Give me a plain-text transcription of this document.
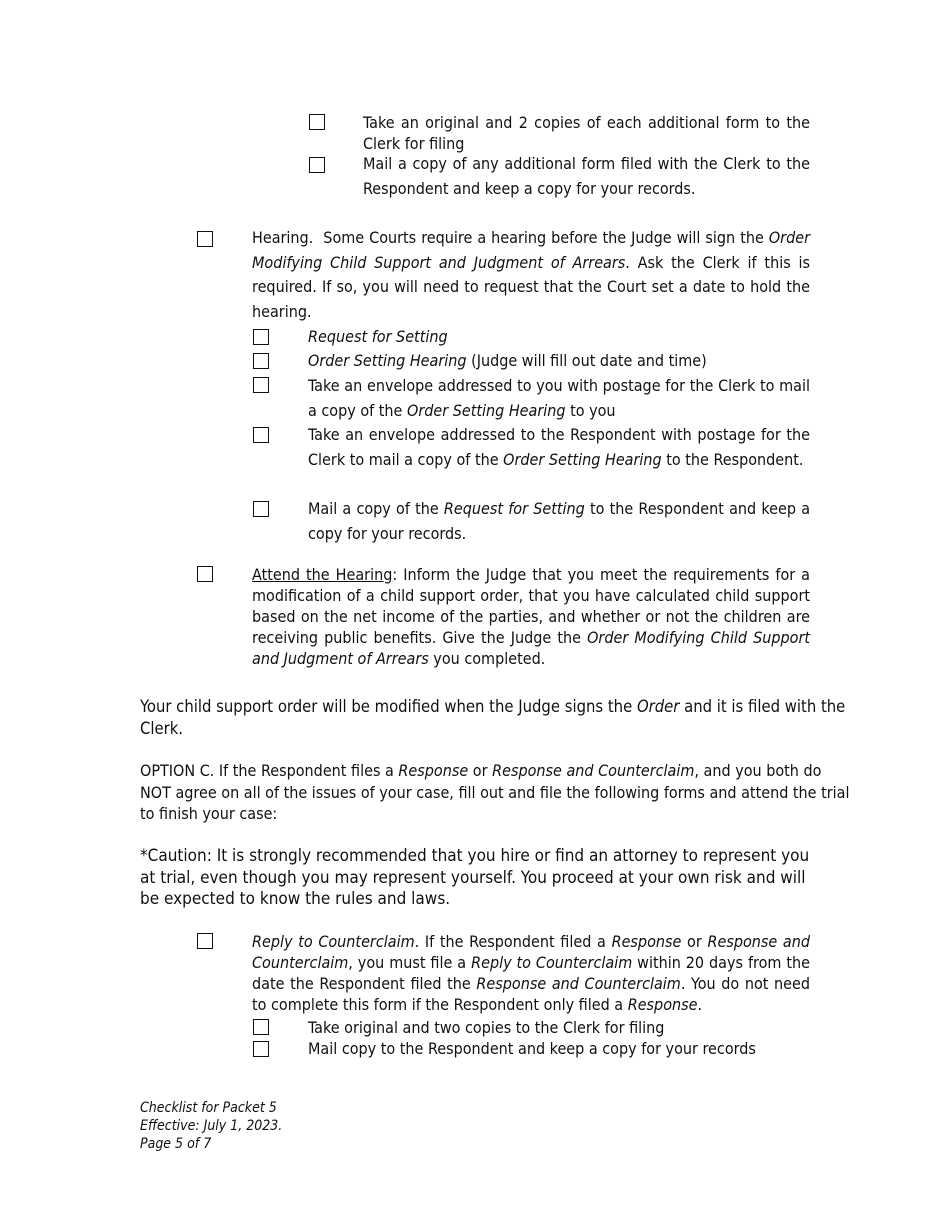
Take an original and 2 copies of each additional form to the Clerk for filing
Mail a copy of any additional form filed with the Clerk to the Respondent and keep a copy for your records.
Hearing. Some Courts require a hearing before the Judge will sign the Order Modifying Child Support and Judgment of Arrears. Ask the Clerk if this is required. If so, you will need to request that the Court set a date to hold the hearing.
Request for Setting
Order Setting Hearing (Judge will fill out date and time)
Take an envelope addressed to you with postage for the Clerk to mail a copy of the Order Setting Hearing to you
Take an envelope addressed to the Respondent with postage for the Clerk to mail a copy of the Order Setting Hearing to the Respondent.
Mail a copy of the Request for Setting to the Respondent and keep a copy for your records.
Attend the Hearing: Inform the Judge that you meet the requirements for a modification of a child support order, that you have calculated child support based on the net income of the parties, and whether or not the children are receiving public benefits. Give the Judge the Order Modifying Child Support and Judgment of Arrears you completed.
Your child support order will be modified when the Judge signs the Order and it is filed with the Clerk.
OPTION C. If the Respondent files a Response or Response and Counterclaim, and you both do NOT agree on all of the issues of your case, fill out and file the following forms and attend the trial to finish your case:
*Caution: It is strongly recommended that you hire or find an attorney to represent you at trial, even though you may represent yourself. You proceed at your own risk and will be expected to know the rules and laws.
Reply to Counterclaim. If the Respondent filed a Response or Response and Counterclaim, you must file a Reply to Counterclaim within 20 days from the date the Respondent filed the Response and Counterclaim. You do not need to complete this form if the Respondent only filed a Response.
Take original and two copies to the Clerk for filing
Mail copy to the Respondent and keep a copy for your records
Checklist for Packet 5
Effective: July 1, 2023.
Page 5 of 7
